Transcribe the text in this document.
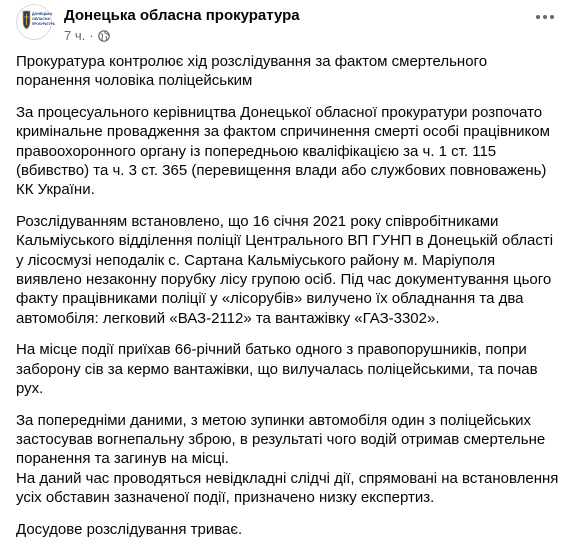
ДОНЕЦЬКА
ОБЛАСНА
ПРОКУРАТУРА Донецька обласна прокуратура
7 ч. ·

Прокуратура контролює хід розслідування за фактом смертельного поранення чоловіка поліцейським

За процесуального керівництва Донецької обласної прокуратури розпочато кримінальне провадження за фактом спричинення смерті особі працівником правоохоронного органу із попередньою кваліфікацією за ч. 1 ст. 115 (вбивство) та ч. 3 ст. 365 (перевищення влади або службових повноважень) КК України.

Розслідуванням встановлено, що 16 січня 2021 року співробітниками Кальміуського відділення поліції Центрального ВП ГУНП в Донецькій області у лісосмузі неподалік с. Сартана Кальміуського району м. Маріуполя виявлено незаконну порубку лісу групою осіб. Під час документування цього факту працівниками поліції у «лісорубів» вилучено їх обладнання та два автомобіля: легковий «ВАЗ-2112» та вантажівку «ГАЗ-3302».

На місце події приїхав 66-річний батько одного з правопорушників, попри заборону сів за кермо вантажівки, що вилучалась поліцейськими, та почав рух.

За попередніми даними, з метою зупинки автомобіля один з поліцейських застосував вогнепальну зброю, в результаті чого водій отримав смертельне поранення та загинув на місці.

На даний час проводяться невідкладні слідчі дії, спрямовані на встановлення усіх обставин зазначеної події, призначено низку експертиз.

Досудове розслідування триває.
